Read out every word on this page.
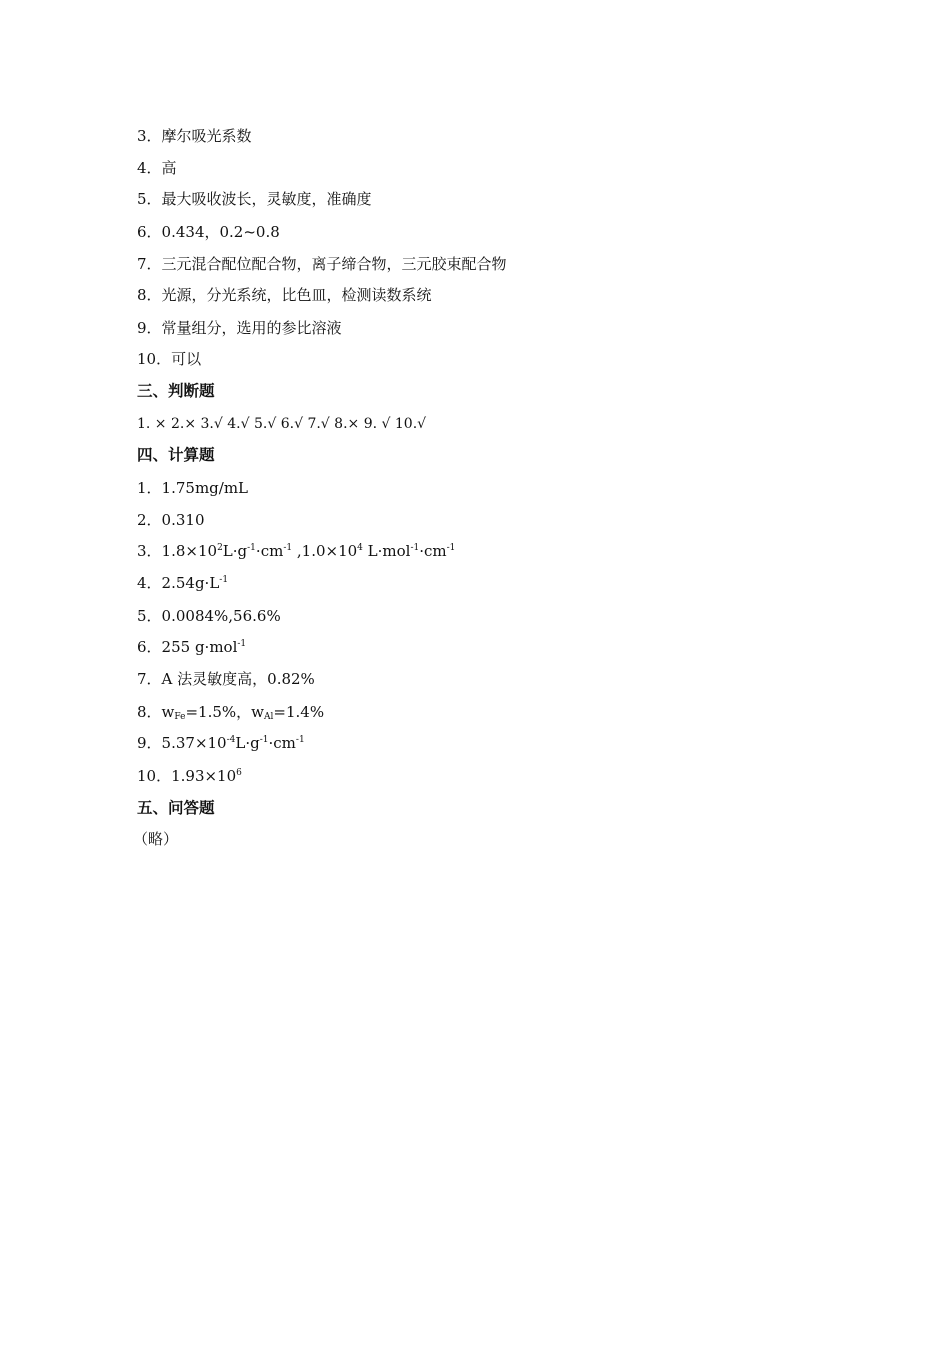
3．摩尔吸光系数
4．高
5．最大吸收波长，灵敏度，准确度
6．0.434，0.2~0.8
7．三元混合配位配合物，离子缔合物，三元胶束配合物
8．光源，分光系统，比色皿，检测读数系统
9．常量组分，选用的参比溶液
10．可以
三、判断题
1. × 2.× 3.√ 4.√ 5.√ 6.√ 7.√ 8.× 9. √ 10.√
四、计算题
1．1.75mg/mL
2．0.310
3．$1.8\times 10^2L\cdot g^{-1}\cdot cm^{-1}$ $,1.0\times 10^4$ $L\cdot mol^{-1}\cdot cm^{-1}$
4．$2.54g\cdot L^{-1}$
5．0.0084%,56.6%
6．255 g·mol$^{-1}$
7．A 法灵敏度高，0.82%
8．$w_{Fe}=1.5\%$，$w_{Al}=1.4\%$
9．$5.37\times 10^{-4}L\cdot g^{-1}\cdot cm^{-1}$
10．$1.93\times 10^6$
五、问答题
（略）
